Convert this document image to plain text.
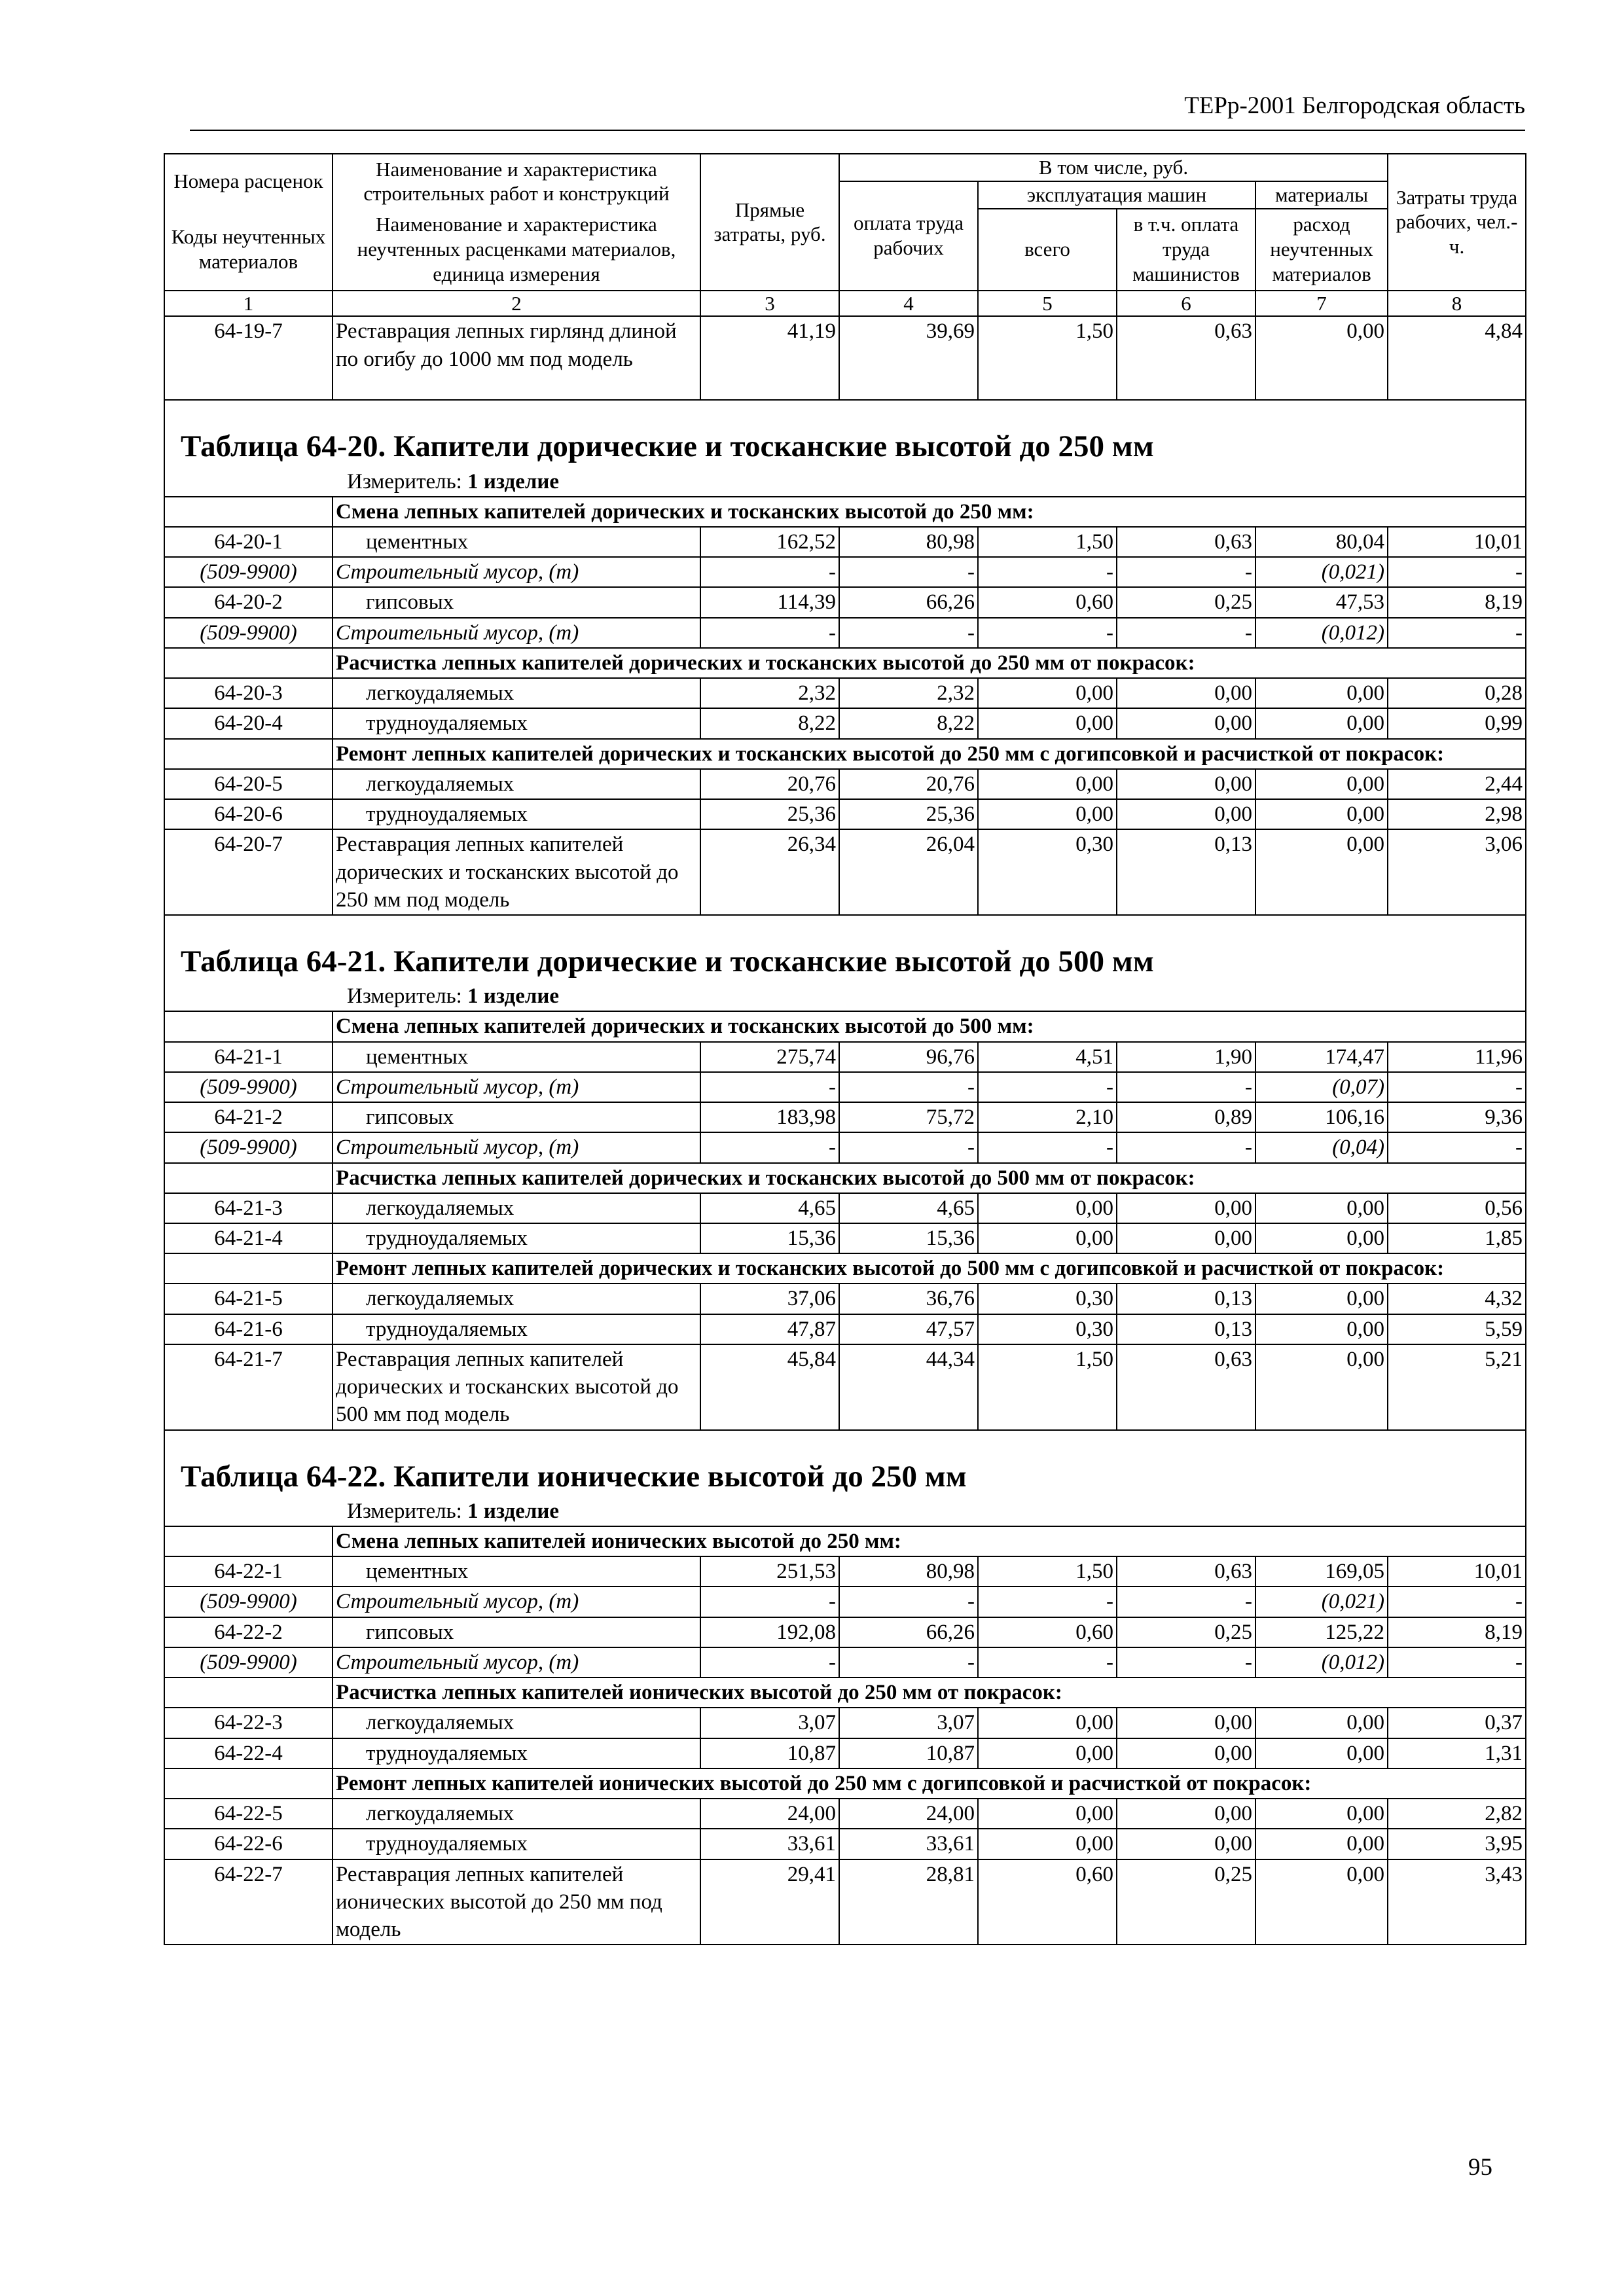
ТЕРр-2001 Белгородская область
Номера расценок	Наименование и характеристика строительных работ и конструкций	Прямые затраты, руб.	В том числе, руб.				Затраты труда рабочих, чел.-ч.
			оплата труда рабочих	эксплуатация машин		материалы	
Коды неучтенных материалов	Наименование и характеристика неучтенных расценками материалов, единица измерения			всего	в т.ч. оплата труда машинистов	расход неучтенных материалов	

1	2	3	4	5	6	7	8
64-19-7	Реставрация лепных гирлянд длиной по огибу до 1000 мм под модель	41,19	39,69	1,50	0,63	0,00	4,84
Таблица 64-20. Капители дорические и тосканские высотой до 250 мм							
Измеритель: 1 изделие							
	Смена лепных капителей дорических и тосканских высотой до 250 мм:						
64-20-1	цементных	162,52	80,98	1,50	0,63	80,04	10,01
(509-9900)	Строительный мусор, (т)	-	-	-	-	(0,021)	-
64-20-2	гипсовых	114,39	66,26	0,60	0,25	47,53	8,19
(509-9900)	Строительный мусор, (т)	-	-	-	-	(0,012)	-
	Расчистка лепных капителей дорических и тосканских высотой до 250 мм от покрасок:						
64-20-3	легкоудаляемых	2,32	2,32	0,00	0,00	0,00	0,28
64-20-4	трудноудаляемых	8,22	8,22	0,00	0,00	0,00	0,99
	Ремонт лепных капителей дорических и тосканских высотой до 250 мм с догипсовкой и расчисткой от покрасок:						
64-20-5	легкоудаляемых	20,76	20,76	0,00	0,00	0,00	2,44
64-20-6	трудноудаляемых	25,36	25,36	0,00	0,00	0,00	2,98
64-20-7	Реставрация лепных капителей дорических и тосканских высотой до 250 мм под модель	26,34	26,04	0,30	0,13	0,00	3,06
Таблица 64-21. Капители дорические и тосканские высотой до 500 мм							
Измеритель: 1 изделие							
	Смена лепных капителей дорических и тосканских высотой до 500 мм:						
64-21-1	цементных	275,74	96,76	4,51	1,90	174,47	11,96
(509-9900)	Строительный мусор, (т)	-	-	-	-	(0,07)	-
64-21-2	гипсовых	183,98	75,72	2,10	0,89	106,16	9,36
(509-9900)	Строительный мусор, (т)	-	-	-	-	(0,04)	-
	Расчистка лепных капителей дорических и тосканских высотой до 500 мм от покрасок:						
64-21-3	легкоудаляемых	4,65	4,65	0,00	0,00	0,00	0,56
64-21-4	трудноудаляемых	15,36	15,36	0,00	0,00	0,00	1,85
	Ремонт лепных капителей дорических и тосканских высотой до 500 мм с догипсовкой и расчисткой от покрасок:						
64-21-5	легкоудаляемых	37,06	36,76	0,30	0,13	0,00	4,32
64-21-6	трудноудаляемых	47,87	47,57	0,30	0,13	0,00	5,59
64-21-7	Реставрация лепных капителей дорических и тосканских высотой до 500 мм под модель	45,84	44,34	1,50	0,63	0,00	5,21
Таблица 64-22. Капители ионические высотой до 250 мм							
Измеритель: 1 изделие							
	Смена лепных капителей ионических высотой до 250 мм:						
64-22-1	цементных	251,53	80,98	1,50	0,63	169,05	10,01
(509-9900)	Строительный мусор, (т)	-	-	-	-	(0,021)	-
64-22-2	гипсовых	192,08	66,26	0,60	0,25	125,22	8,19
(509-9900)	Строительный мусор, (т)	-	-	-	-	(0,012)	-
	Расчистка лепных капителей ионических высотой до 250 мм от покрасок:						
64-22-3	легкоудаляемых	3,07	3,07	0,00	0,00	0,00	0,37
64-22-4	трудноудаляемых	10,87	10,87	0,00	0,00	0,00	1,31
	Ремонт лепных капителей ионических высотой до 250 мм с догипсовкой и расчисткой от покрасок:						
64-22-5	легкоудаляемых	24,00	24,00	0,00	0,00	0,00	2,82
64-22-6	трудноудаляемых	33,61	33,61	0,00	0,00	0,00	3,95
64-22-7	Реставрация лепных капителей ионических высотой до 250 мм под модель	29,41	28,81	0,60	0,25	0,00	3,43
95
